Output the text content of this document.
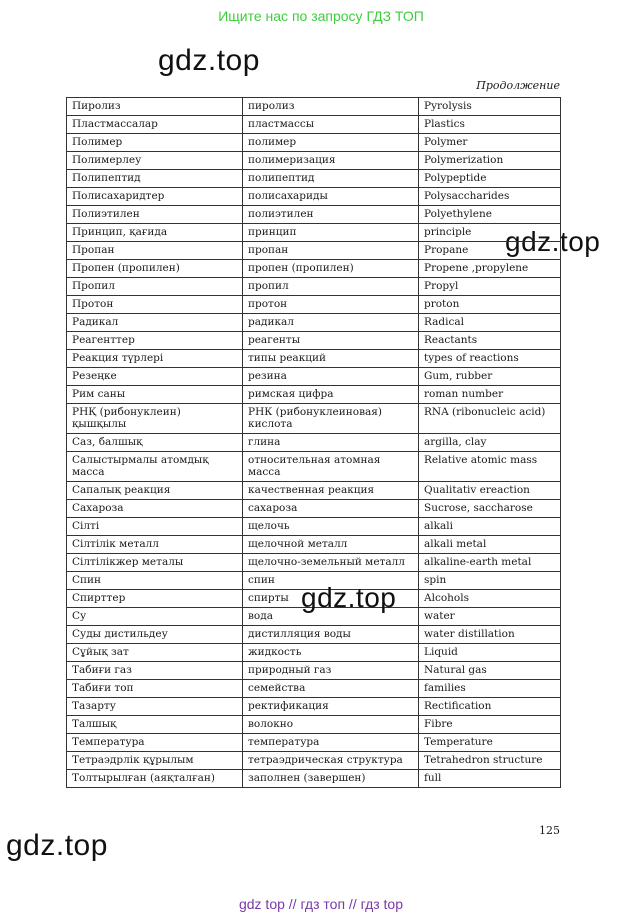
Ищите нас по запросу ГДЗ ТОП
gdz.top
Продолжение
gdz.top
Пиролиз	пиролиз	Pyrolysis
Пластмассалар	пластмассы	Plastics
Полимер	полимер	Polymer
Полимерлеу	полимеризация	Polymerization
Полипептид	полипептид	Polypeptide
Полисахаридтер	полисахариды	Polysaccharides
Полиэтилен	полиэтилен	Polyethylene
Принцип, қағида	принцип	principle
Пропан	пропан	Propane
Пропен (пропилен)	пропен (пропилен)	Propene ,propylene
Пропил	пропил	Propyl
Протон	протон	proton
Радикал	радикал	Radical
Реагенттер	реагенты	Reactants
Реакция түрлері	типы реакций	types of reactions
Резеңке	резина	Gum, rubber
Рим саны	римская цифра	roman number
РНҚ (рибонуклеин) қышқылы	РНК (рибонуклеиновая) кислота	RNA (ribonucleic acid)
Саз, балшық	глина	argilla, clay
Салыстырмалы атомдық масса	относительная атомная масса	Relative atomic mass
Сапалық реакция	качественная реакция	Qualitativ ereaction
Сахароза	сахароза	Sucrose, saccharose
Сілті	щелочь	alkali
Сілтілік металл	щелочной металл	alkali metal
Сілтілікжер металы	щелочно-земельный металл	alkaline-earth metal
Спин	спин	spin
Спирттер	спирты	Alcohols
Су	вода	water
Суды дистильдеу	дистилляция воды	water distillation
Сұйық зат	жидкость	Liquid
Табиғи газ	природный газ	Natural gas
Табиғи топ	семейства	families
Тазарту	ректификация	Rectification
Талшық	волокно	Fibre
Температура	температура	Temperature
Тетраэдрлік құрылым	тетраэдрическая структура	Tetrahedron structure
Толтырылған (аяқталған)	заполнен (завершен)	full
gdz.top
125
gdz.top
gdz top // гдз топ // гдз top
